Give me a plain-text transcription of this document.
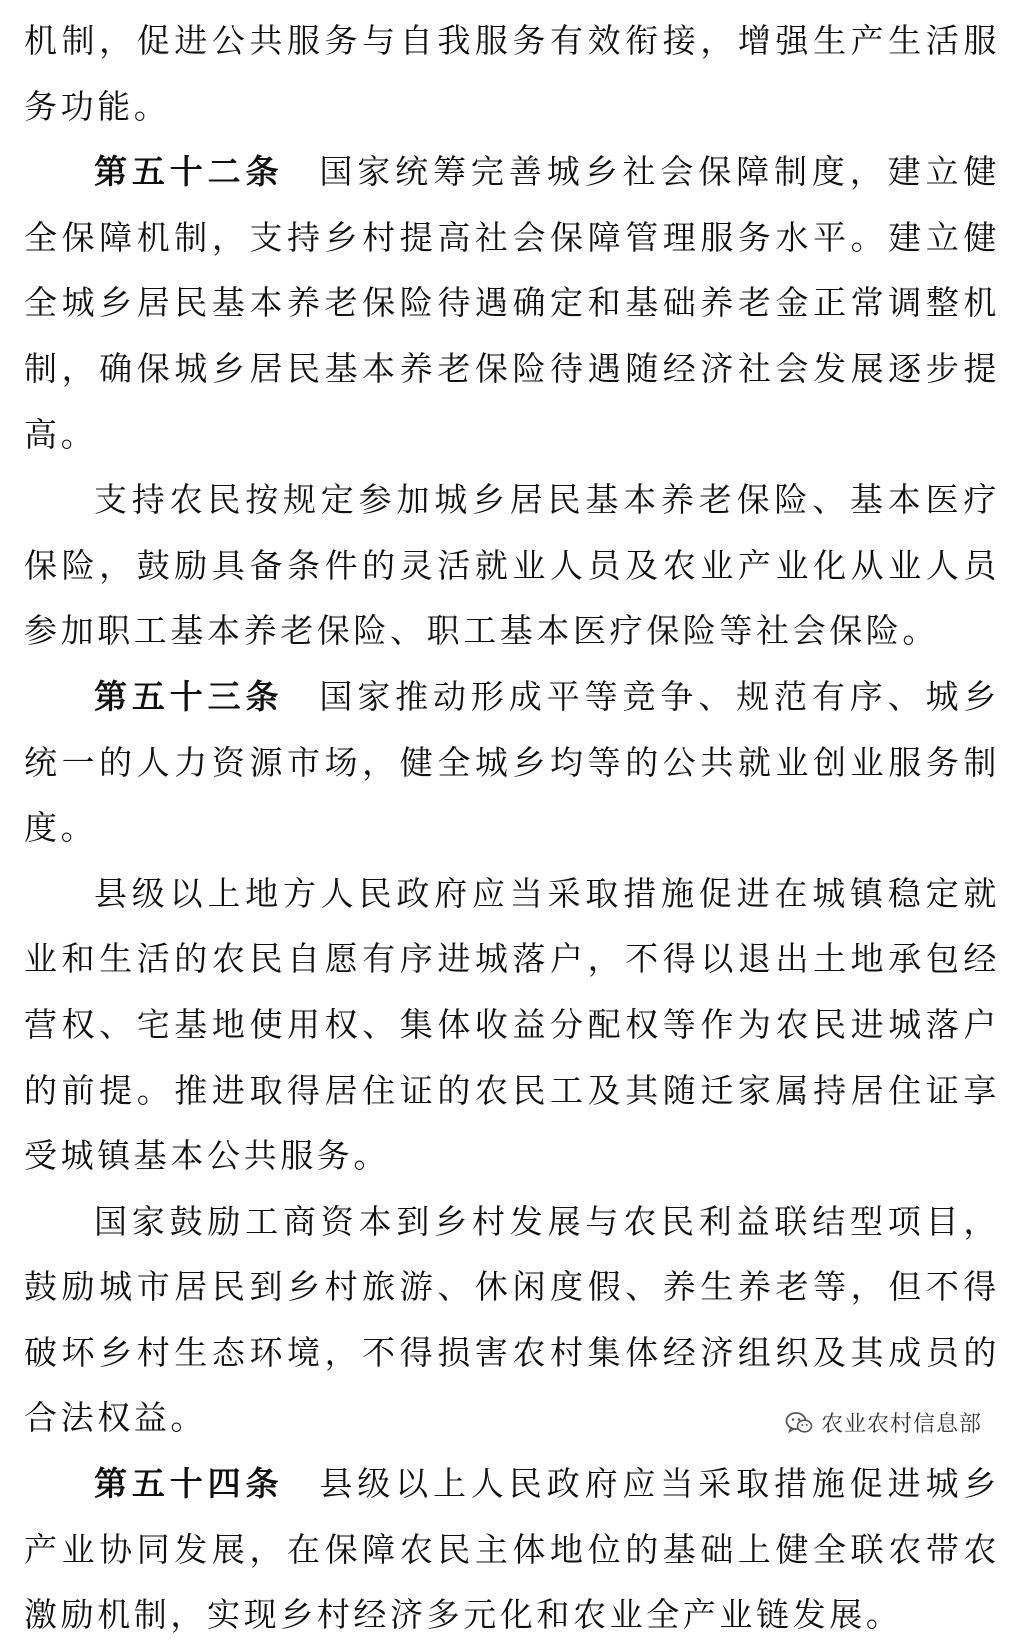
机制，促进公共服务与自我服务有效衔接，增强生产生活服务功能。

第五十二条 国家统筹完善城乡社会保障制度，建立健全保障机制，支持乡村提高社会保障管理服务水平。建立健全城乡居民基本养老保险待遇确定和基础养老金正常调整机制，确保城乡居民基本养老保险待遇随经济社会发展逐步提高。

支持农民按规定参加城乡居民基本养老保险、基本医疗保险，鼓励具备条件的灵活就业人员及农业产业化从业人员参加职工基本养老保险、职工基本医疗保险等社会保险。

第五十三条 国家推动形成平等竞争、规范有序、城乡统一的人力资源市场，健全城乡均等的公共就业创业服务制度。

县级以上地方人民政府应当采取措施促进在城镇稳定就业和生活的农民自愿有序进城落户，不得以退出土地承包经营权、宅基地使用权、集体收益分配权等作为农民进城落户的前提。推进取得居住证的农民工及其随迁家属持居住证享受城镇基本公共服务。

国家鼓励工商资本到乡村发展与农民利益联结型项目，鼓励城市居民到乡村旅游、休闲度假、养生养老等，但不得破坏乡村生态环境，不得损害农村集体经济组织及其成员的合法权益。

第五十四条 县级以上人民政府应当采取措施促进城乡产业协同发展，在保障农民主体地位的基础上健全联农带农激励机制，实现乡村经济多元化和农业全产业链发展。

农业农村信息部
